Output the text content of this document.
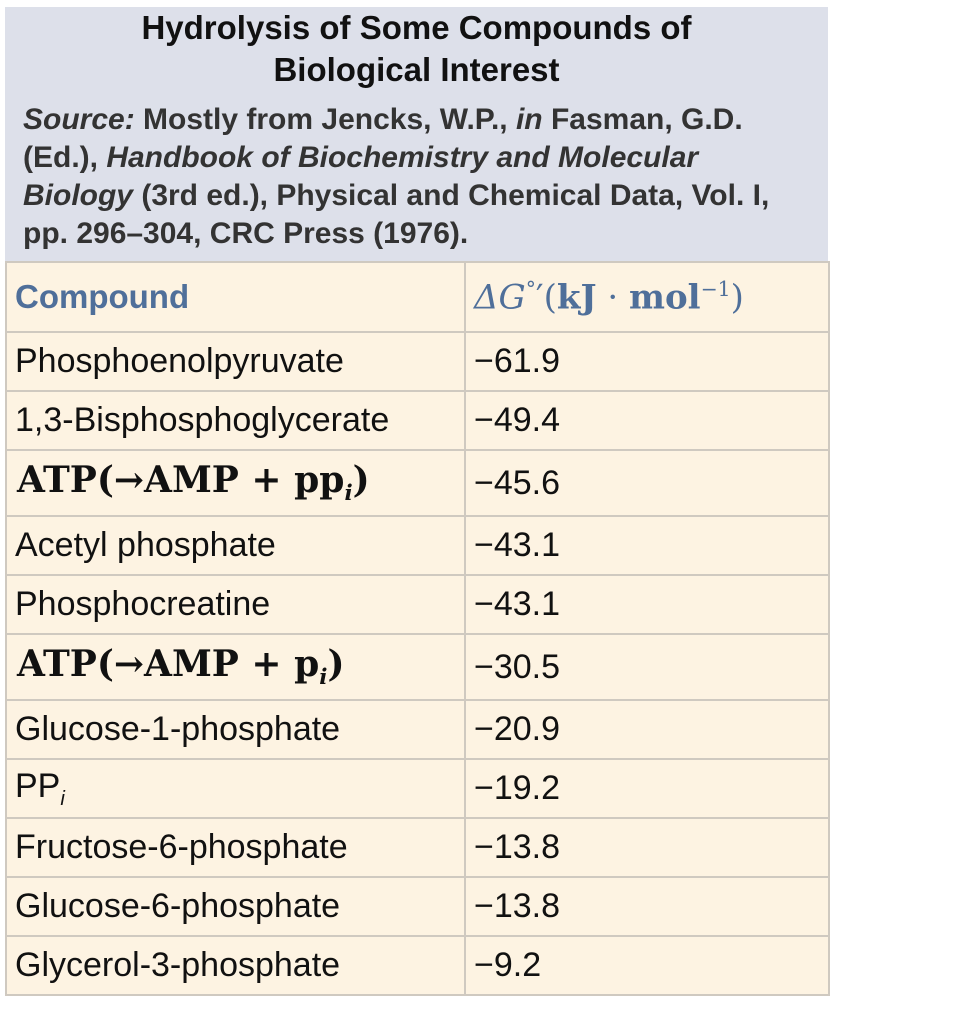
Hydrolysis of Some Compounds of
Biological Interest
Source: Mostly from Jencks, W.P., in Fasman, G.D. (Ed.), Handbook of Biochemistry and Molecular Biology (3rd ed.), Physical and Chemical Data, Vol. I, pp. 296–304, CRC Press (1976).
Compound	ΔG°′(kJ · mol$^{-1}$)
Phosphoenolpyruvate	−61.9
1,3-Bisphosphoglycerate	−49.4
$ATP(\to AMP + pp_i)$	−45.6
Acetyl phosphate	−43.1
Phosphocreatine	−43.1
$ATP(\to AMP + p_i)$	−30.5
Glucose-1-phosphate	−20.9
$PP_i$	−19.2
Fructose-6-phosphate	−13.8
Glucose-6-phosphate	−13.8
Glycerol-3-phosphate	−9.2
